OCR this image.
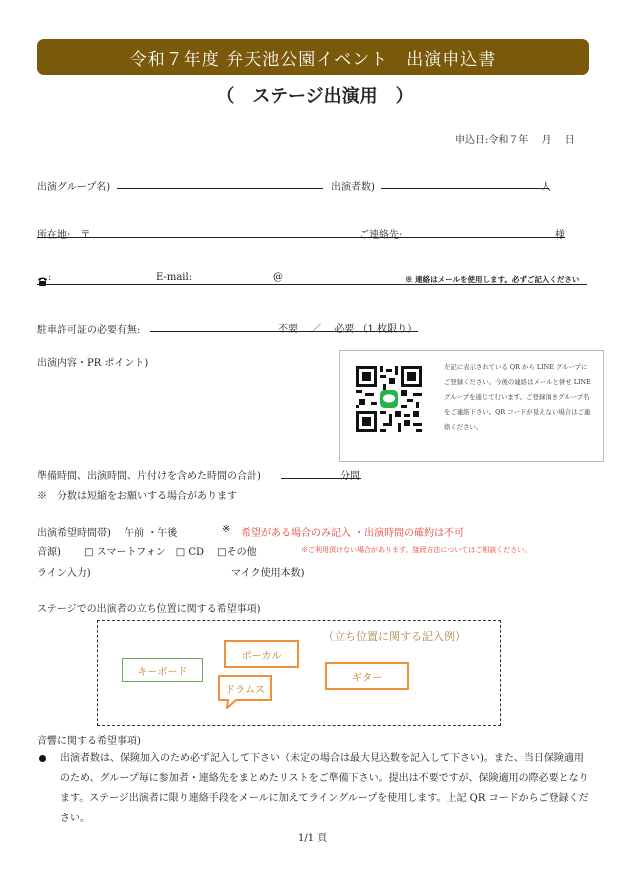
令和７年度 弁天池公園イベント　出演申込書
（　ステージ出演用　）
申込日:令和７年　 月　 日
出演グループ名)	出演者数)	人
所在地:　〒	ご連絡先:	様
:	E-mail:	@	※ 連絡はメールを使用します。必ずご記入ください
駐車許可証の必要有無:	不要　 ／　 必要 （1 枚限り）
出演内容・PR ポイント)	左記に表示されている QR から LINE グループにご登録ください。今後の連絡はメールと併せ LINE グループを通じて行います。ご登録頂きグループ名をご連絡下さい。QR コードが見えない場合はご連絡ください。
準備時間、出演時間、片付けを含めた時間の合計)	分間
※　分数は短縮をお願いする場合があります
出演希望時間帯)　 午前 ・午後	※ 希望がある場合のみ記入 ・出演時間の確約は不可
音源)　　 □ スマートフォン　□ CD　 □その他	※ご利用頂けない場合があります。接続方法についてはご相談ください。
ライン入力)	マイク使用本数)
ステージでの出演者の立ち位置に関する希望事項)
（立ち位置に関する記入例）
キーボード
ボーカル
ギター
ドラムス
音響に関する希望事項)
出演者数は、保険加入のため必ず記入して下さい（未定の場合は最大見込数を記入して下さい)。また、当日保険適用のため、グループ毎に参加者・連絡先をまとめたリストをご準備下さい。提出は不要ですが、保険適用の際必要となります。ステージ出演者に限り連絡手段をメールに加えてライングループを使用します。上記 QR コードからご登録ください。
1/1 頁
